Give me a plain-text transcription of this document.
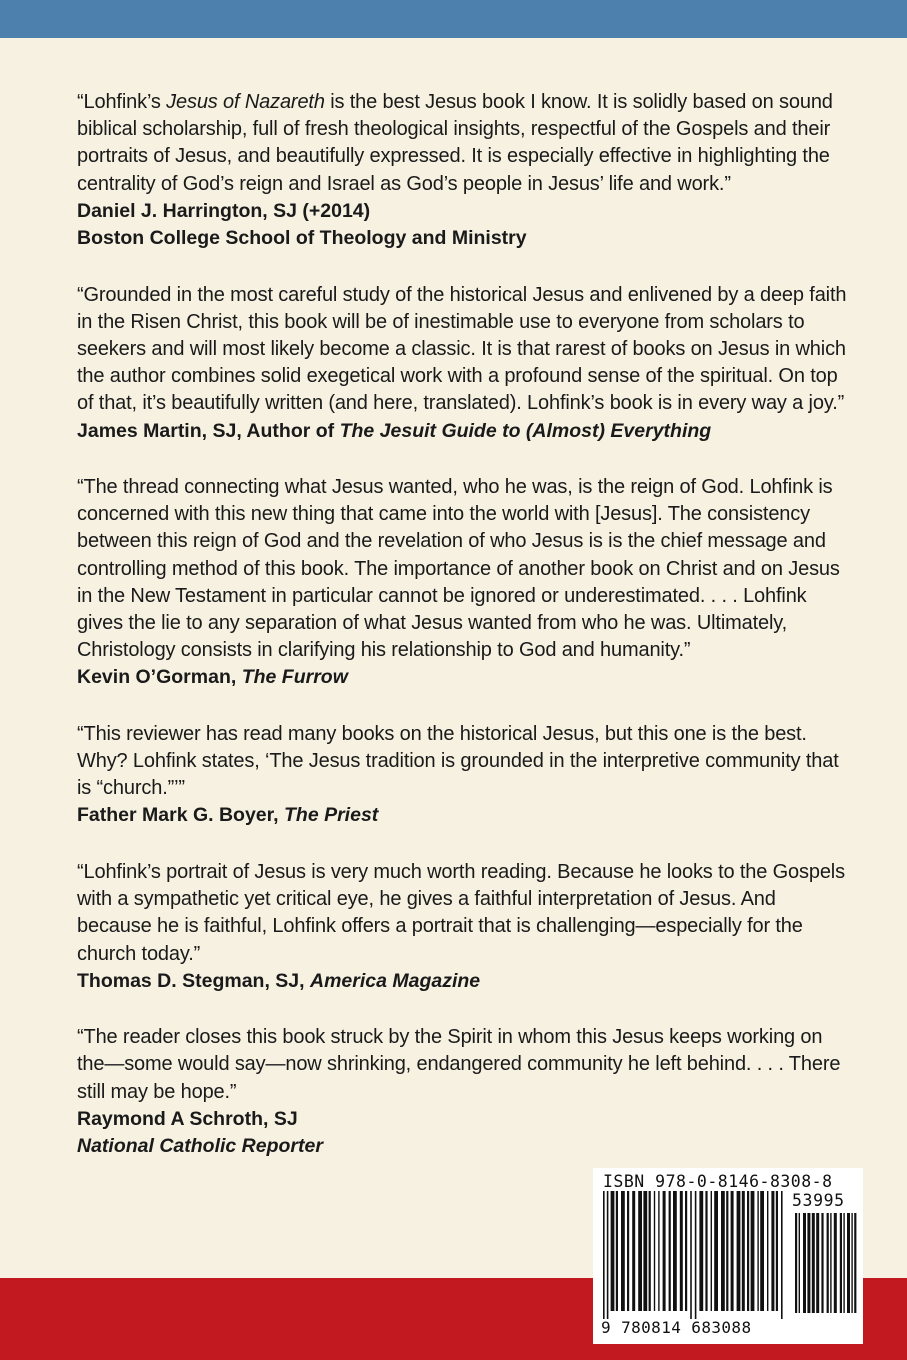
“Lohfink’s Jesus of Nazareth is the best Jesus book I know. It is solidly based on sound biblical scholarship, full of fresh theological insights, respectful of the Gospels and their portraits of Jesus, and beautifully expressed. It is especially effective in highlighting the centrality of God’s reign and Israel as God’s people in Jesus’ life and work.”

Daniel J. Harrington, SJ (+2014)

Boston College School of Theology and Ministry

“Grounded in the most careful study of the historical Jesus and enlivened by a deep faith in the Risen Christ, this book will be of inestimable use to everyone from scholars to seekers and will most likely become a classic. It is that rarest of books on Jesus in which the author combines solid exegetical work with a profound sense of the spiritual. On top of that, it’s beautifully written (and here, translated). Lohfink’s book is in every way a joy.”

James Martin, SJ, Author of The Jesuit Guide to (Almost) Everything

“The thread connecting what Jesus wanted, who he was, is the reign of God. Lohfink is concerned with this new thing that came into the world with [Jesus]. The consistency between this reign of God and the revelation of who Jesus is is the chief message and controlling method of this book. The importance of another book on Christ and on Jesus in the New Testament in particular cannot be ignored or underestimated. . . . Lohfink gives the lie to any separation of what Jesus wanted from who he was. Ultimately, Christology consists in clarifying his relationship to God and humanity.”

Kevin O’Gorman, The Furrow

“This reviewer has read many books on the historical Jesus, but this one is the best. Why? Lohfink states, ‘The Jesus tradition is grounded in the interpretive community that is “church.”’”

Father Mark G. Boyer, The Priest

“Lohfink’s portrait of Jesus is very much worth reading. Because he looks to the Gospels with a sympathetic yet critical eye, he gives a faithful interpretation of Jesus. And because he is faithful, Lohfink offers a portrait that is challenging—especially for the church today.”

Thomas D. Stegman, SJ, America Magazine

“The reader closes this book struck by the Spirit in whom this Jesus keeps working on the—some would say—now shrinking, endangered community he left behind. . . . There still may be hope.”

Raymond A Schroth, SJ

National Catholic Reporter

ISBN 978-0-8146-8308-8
53995
9 780814 683088
